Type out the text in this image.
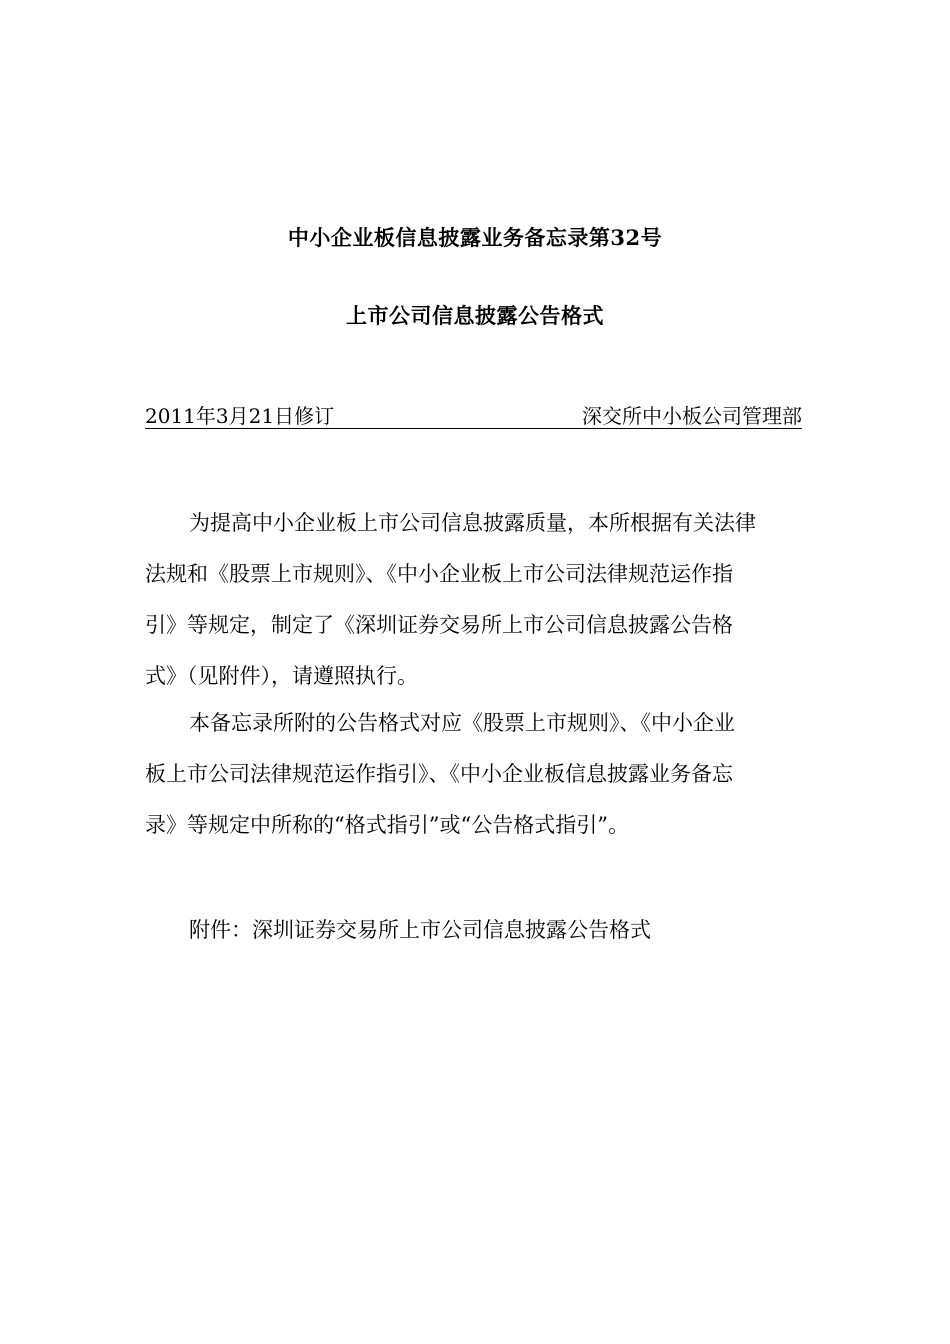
中小企业板信息披露业务备忘录第32号
上市公司信息披露公告格式
2011年3月21日修订	深交所中小板公司管理部
为提高中小企业板上市公司信息披露质量，本所根据有关法律
法规和《股票上市规则》、《中小企业板上市公司法律规范运作指
引》等规定，制定了《深圳证券交易所上市公司信息披露公告格
式》（见附件），请遵照执行。
本备忘录所附的公告格式对应《股票上市规则》、《中小企业
板上市公司法律规范运作指引》、《中小企业板信息披露业务备忘
录》等规定中所称的“格式指引”或“公告格式指引”。
附件：深圳证券交易所上市公司信息披露公告格式
